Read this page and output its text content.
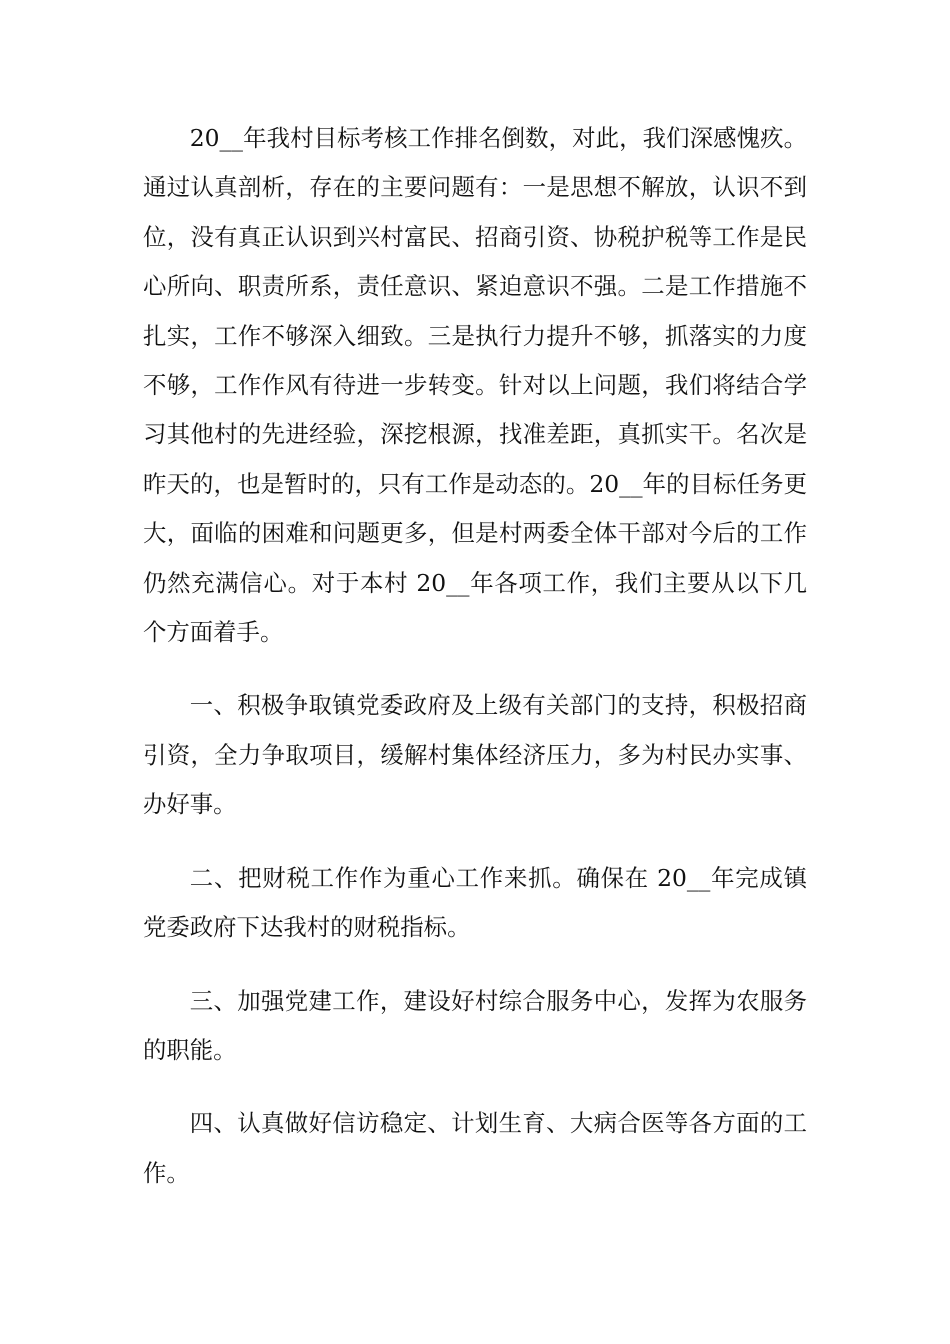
20__年我村目标考核工作排名倒数，对此，我们深感愧疚。通过认真剖析，存在的主要问题有：一是思想不解放，认识不到位，没有真正认识到兴村富民、招商引资、协税护税等工作是民心所向、职责所系，责任意识、紧迫意识不强。二是工作措施不扎实，工作不够深入细致。三是执行力提升不够，抓落实的力度不够，工作作风有待进一步转变。针对以上问题，我们将结合学习其他村的先进经验，深挖根源，找准差距，真抓实干。名次是昨天的，也是暂时的，只有工作是动态的。20__年的目标任务更大，面临的困难和问题更多，但是村两委全体干部对今后的工作仍然充满信心。对于本村 20__年各项工作，我们主要从以下几个方面着手。

一、积极争取镇党委政府及上级有关部门的支持，积极招商引资，全力争取项目，缓解村集体经济压力，多为村民办实事、办好事。

二、把财税工作作为重心工作来抓。确保在 20__年完成镇党委政府下达我村的财税指标。

三、加强党建工作，建设好村综合服务中心，发挥为农服务的职能。

四、认真做好信访稳定、计划生育、大病合医等各方面的工作。
